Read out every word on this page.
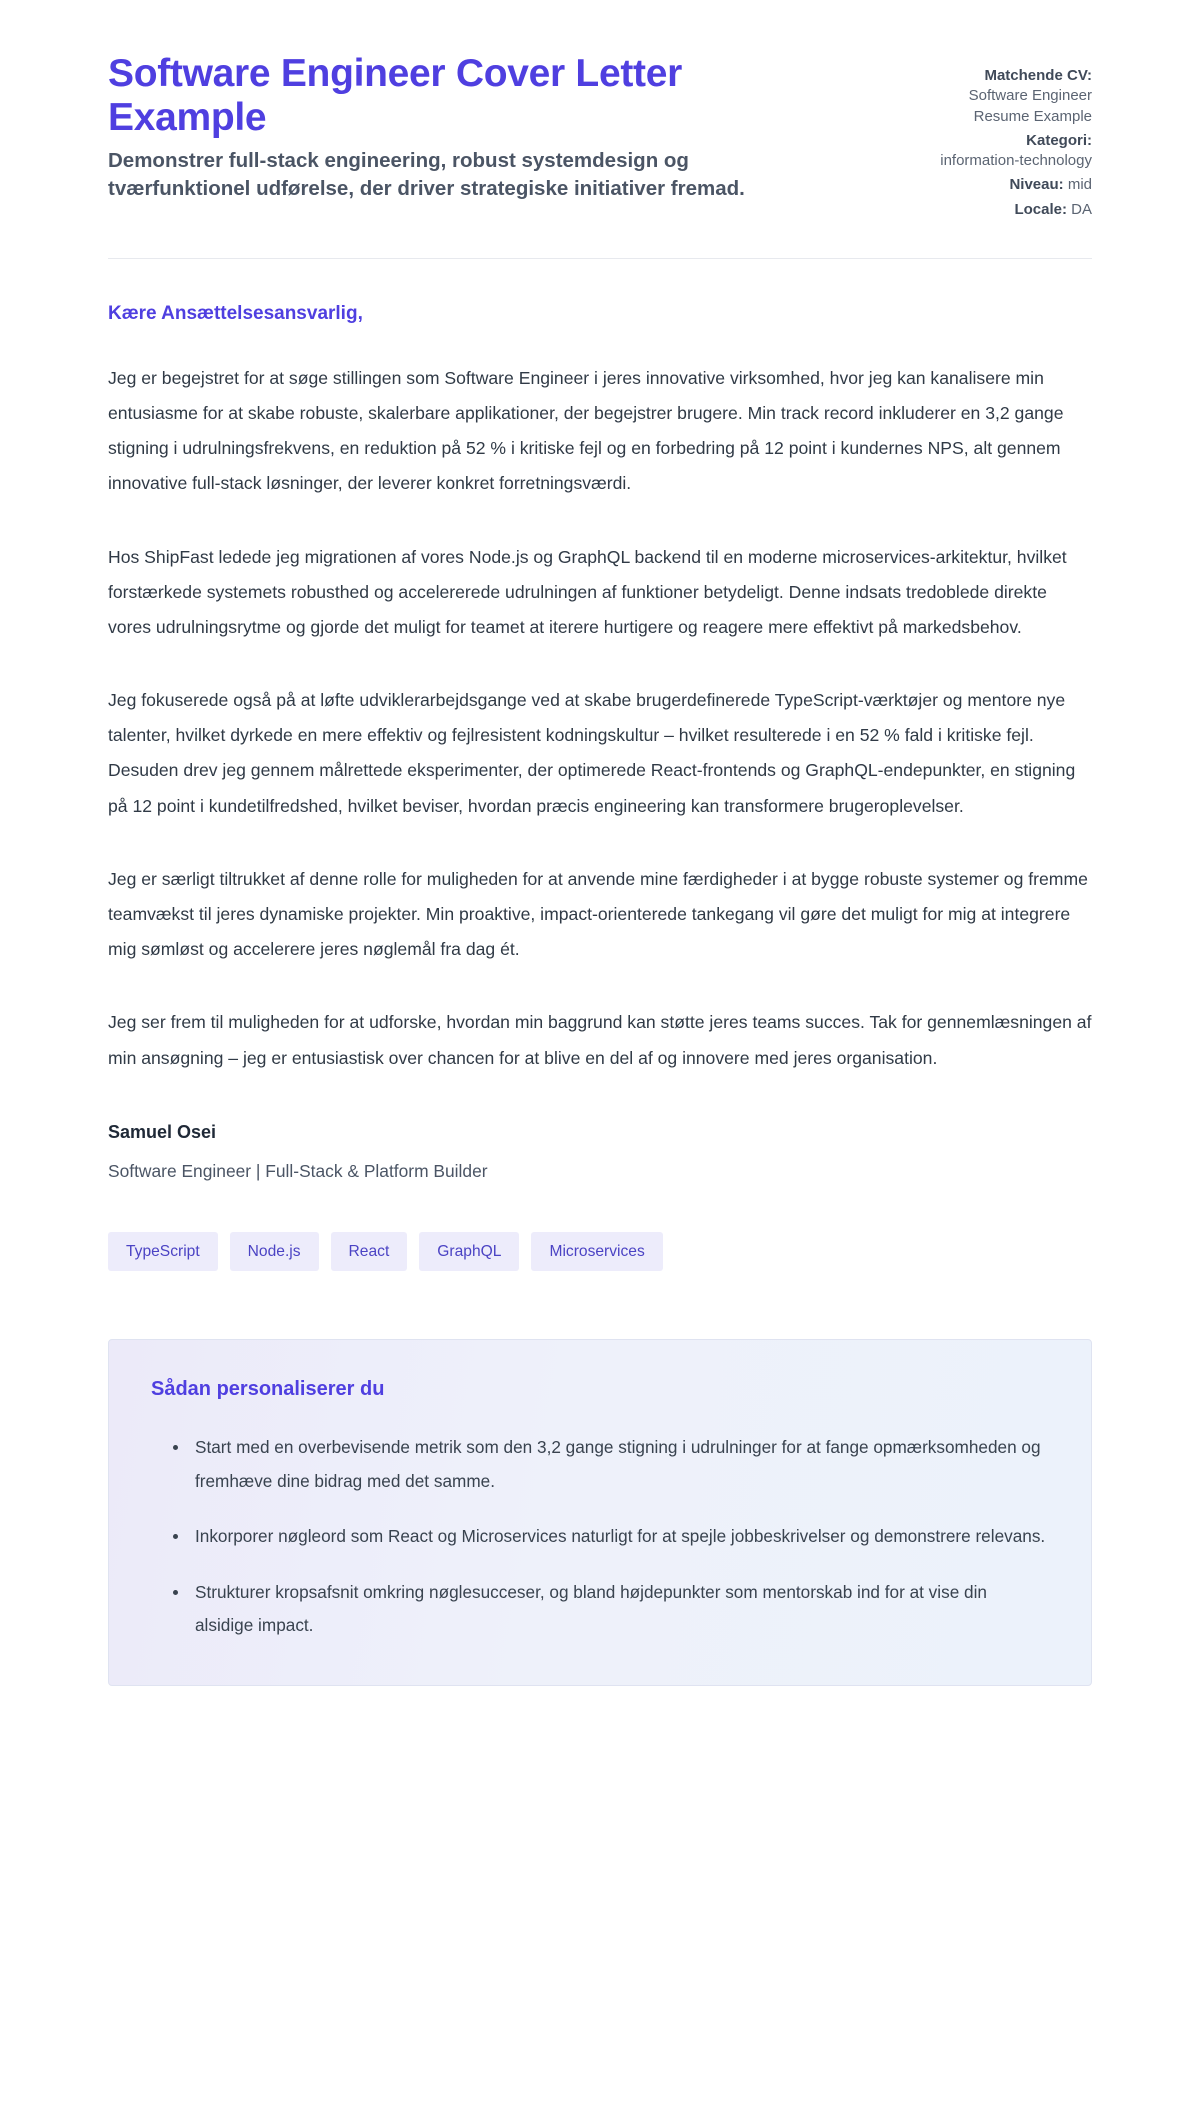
Software Engineer Cover Letter Example

Demonstrer full-stack engineering, robust systemdesign og tværfunktionel udførelse, der driver strategiske initiativer fremad.

Matchende CV:
Software Engineer Resume Example
Kategori:
information-technology
Niveau: mid
Locale: DA

Kære Ansættelsesansvarlig,

Jeg er begejstret for at søge stillingen som Software Engineer i jeres innovative virksomhed, hvor jeg kan kanalisere min entusiasme for at skabe robuste, skalerbare applikationer, der begejstrer brugere. Min track record inkluderer en 3,2 gange stigning i udrulningsfrekvens, en reduktion på 52 % i kritiske fejl og en forbedring på 12 point i kundernes NPS, alt gennem innovative full-stack løsninger, der leverer konkret forretningsværdi.

Hos ShipFast ledede jeg migrationen af vores Node.js og GraphQL backend til en moderne microservices-arkitektur, hvilket forstærkede systemets robusthed og accelererede udrulningen af funktioner betydeligt. Denne indsats tredoblede direkte vores udrulningsrytme og gjorde det muligt for teamet at iterere hurtigere og reagere mere effektivt på markedsbehov.

Jeg fokuserede også på at løfte udviklerarbejdsgange ved at skabe brugerdefinerede TypeScript-værktøjer og mentore nye talenter, hvilket dyrkede en mere effektiv og fejlresistent kodningskultur – hvilket resulterede i en 52 % fald i kritiske fejl. Desuden drev jeg gennem målrettede eksperimenter, der optimerede React-frontends og GraphQL-endepunkter, en stigning på 12 point i kundetilfredshed, hvilket beviser, hvordan præcis engineering kan transformere brugeroplevelser.

Jeg er særligt tiltrukket af denne rolle for muligheden for at anvende mine færdigheder i at bygge robuste systemer og fremme teamvækst til jeres dynamiske projekter. Min proaktive, impact-orienterede tankegang vil gøre det muligt for mig at integrere mig sømløst og accelerere jeres nøglemål fra dag ét.

Jeg ser frem til muligheden for at udforske, hvordan min baggrund kan støtte jeres teams succes. Tak for gennemlæsningen af min ansøgning – jeg er entusiastisk over chancen for at blive en del af og innovere med jeres organisation.

Samuel Osei

Software Engineer | Full-Stack & Platform Builder

TypeScript	Node.js	React	GraphQL	Microservices
Sådan personaliserer du
Start med en overbevisende metrik som den 3,2 gange stigning i udrulninger for at fange opmærksomheden og fremhæve dine bidrag med det samme.
Inkorporer nøgleord som React og Microservices naturligt for at spejle jobbeskrivelser og demonstrere relevans.
Strukturer kropsafsnit omkring nøglesucceser, og bland højdepunkter som mentorskab ind for at vise din alsidige impact.
